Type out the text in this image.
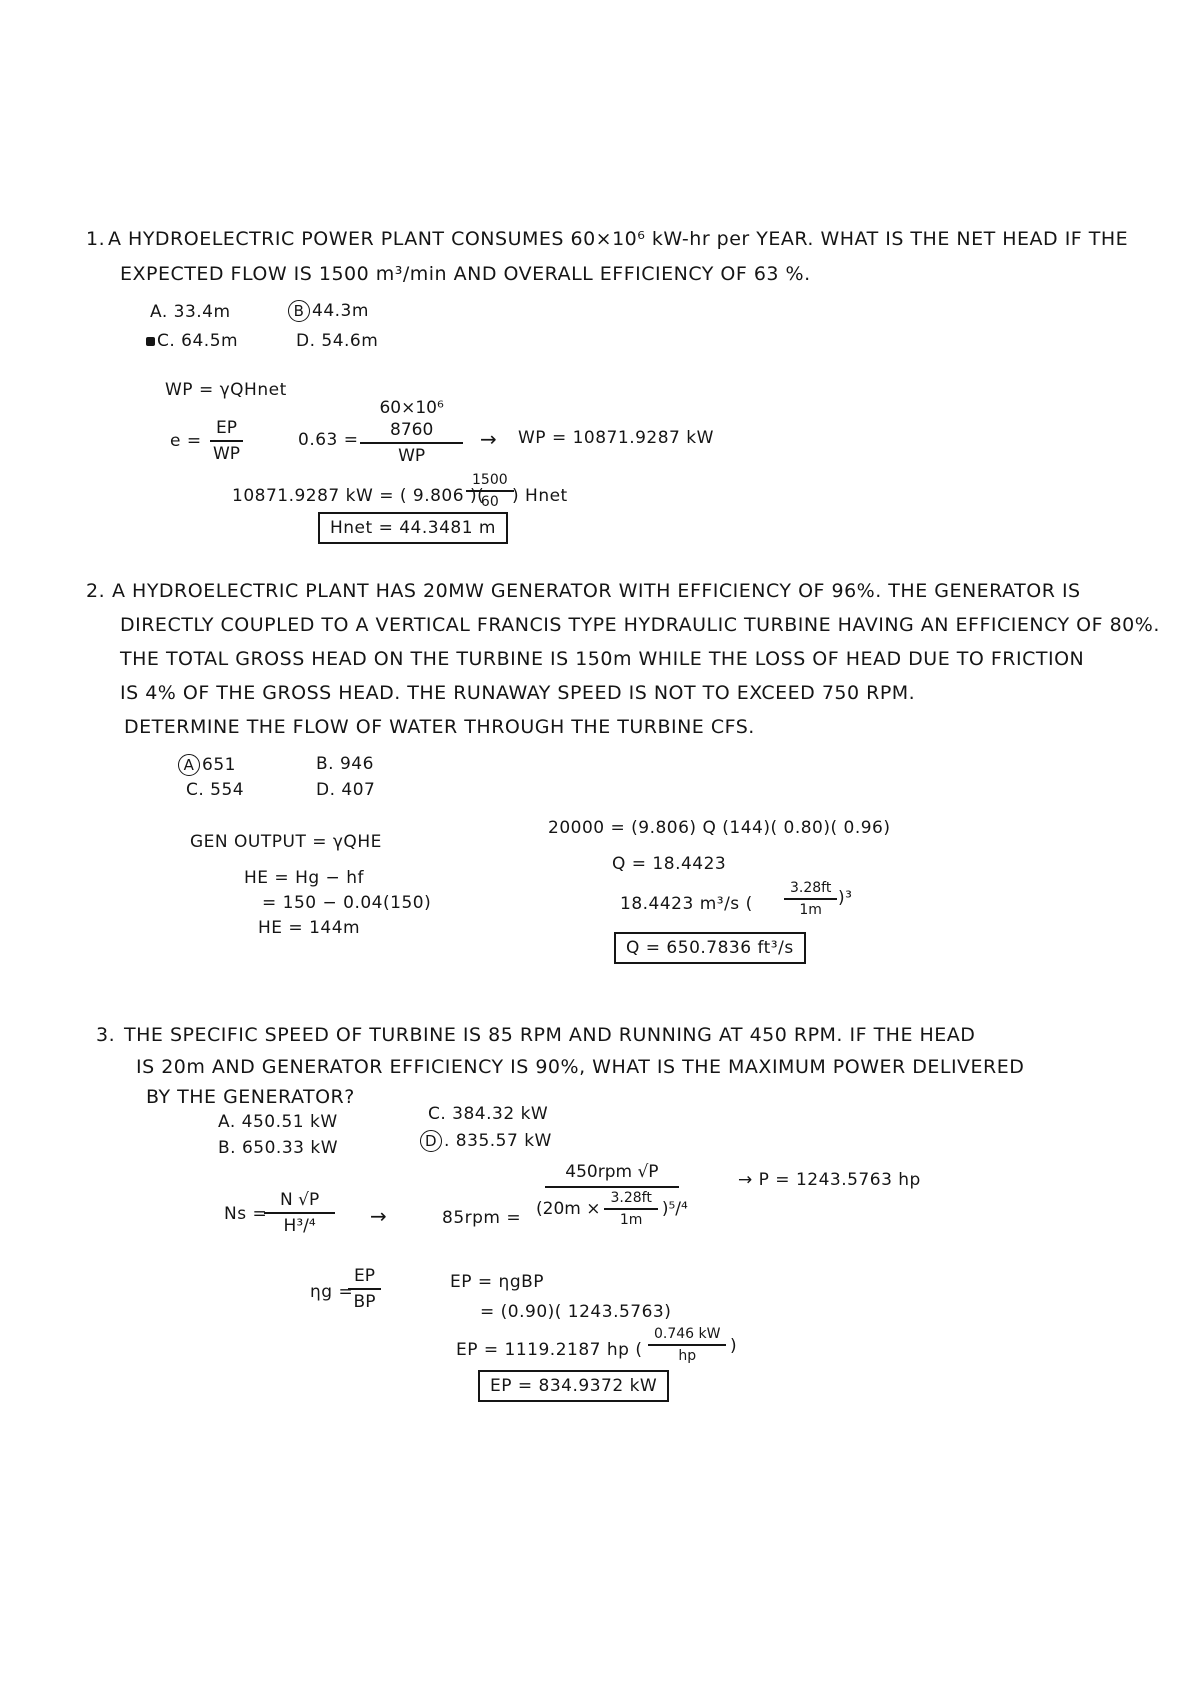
1. A HYDROELECTRIC POWER PLANT CONSUMES 60×10⁶ kW-hr per YEAR. WHAT IS THE NET HEAD IF THE
EXPECTED FLOW IS 1500 m³/min AND OVERALL EFFICIENCY OF 63 %.
A. 33.4m	B 44.3m
C. 64.5m	D. 54.6m
WP = γQHnet
$e = \frac{EP}{WP}$	0.63 =
60×10⁶
8760
WP
→ WP = 10871.9287 kW
10871.9287 kW = ( 9.806 )(
$\frac{1500}{60}$
) Hnet
Hnet = 44.3481 m
2. A HYDROELECTRIC PLANT HAS 20MW GENERATOR WITH EFFICIENCY OF 96%. THE GENERATOR IS
DIRECTLY COUPLED TO A VERTICAL FRANCIS TYPE HYDRAULIC TURBINE HAVING AN EFFICIENCY OF 80%.
THE TOTAL GROSS HEAD ON THE TURBINE IS 150m WHILE THE LOSS OF HEAD DUE TO FRICTION
IS 4% OF THE GROSS HEAD. THE RUNAWAY SPEED IS NOT TO EXCEED 750 RPM.
DETERMINE THE FLOW OF WATER THROUGH THE TURBINE CFS.
A 651	B. 946
C. 554	D. 407
GEN OUTPUT = γQHE
HE = Hg − hf
= 150 − 0.04(150)
HE = 144m
20000 = (9.806) Q (144)( 0.80)( 0.96)
Q = 18.4423
18.4423 m³/s ( $\frac{3.28ft}{1m} )^3$
Q = 650.7836 ft³/s
3. THE SPECIFIC SPEED OF TURBINE IS 85 RPM AND RUNNING AT 450 RPM. IF THE HEAD
IS 20m AND GENERATOR EFFICIENCY IS 90%, WHAT IS THE MAXIMUM POWER DELIVERED
BY THE GENERATOR?
A. 450.51 kW
B. 650.33 kW
C. 384.32 kW
D . 835.57 kW
Ns =
$\frac{N √P}{\text{H³/⁴}}$ →	85rpm =
450rpm √P
$(20m \times \frac{3.28ft}{1m} )^5/^4$
→ P = 1243.5763 hp
ηg =
$\frac{EP}{BP}$	EP = ηgBP
= (0.90)( 1243.5763)
EP = 1119.2187 hp ( $\frac{0.746 kW}{hp}$ )
EP = 834.9372 kW
